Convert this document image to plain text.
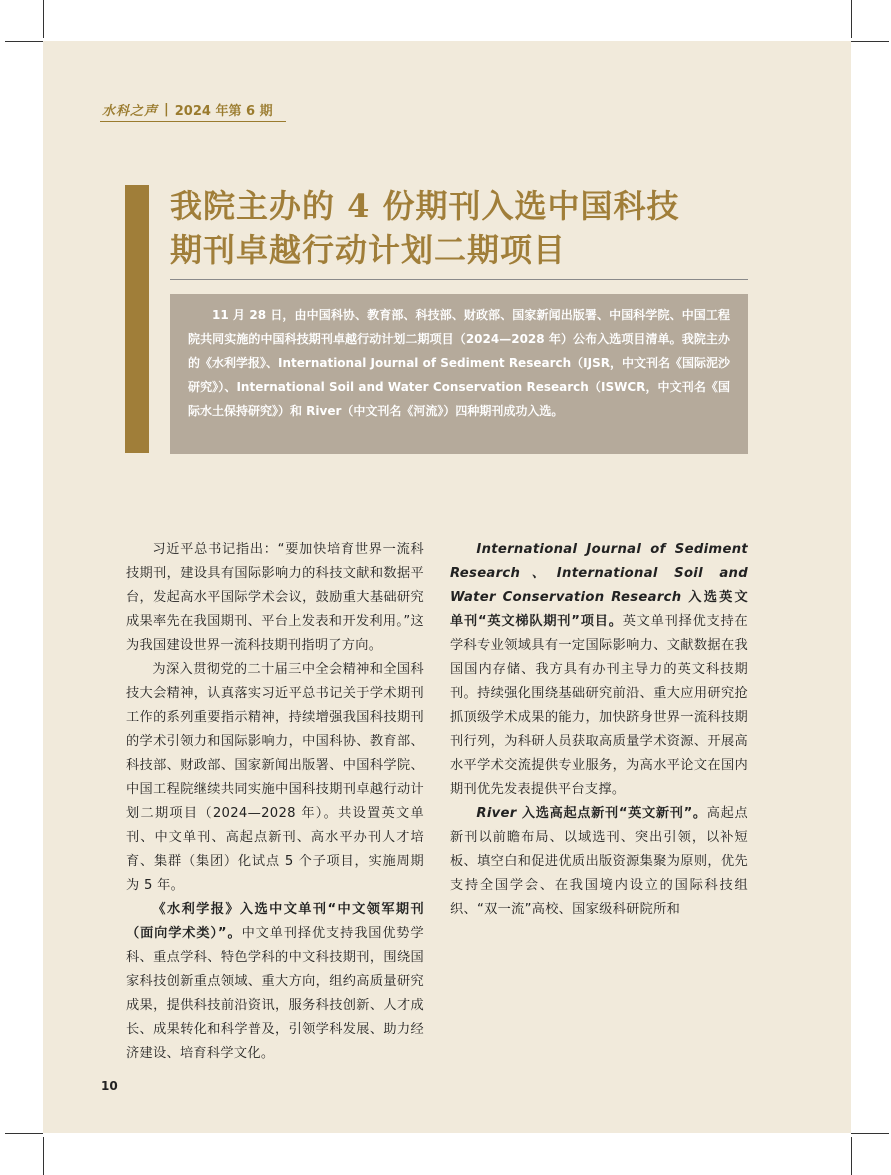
水科之声 | 2024 年第 6 期
我院主办的 4 份期刊入选中国科技
期刊卓越行动计划二期项目

11 月 28 日，由中国科协、教育部、科技部、财政部、国家新闻出版署、中国科学院、中国工程院共同实施的中国科技期刊卓越行动计划二期项目（2024—2028 年）公布入选项目清单。我院主办的《水利学报》、International Journal of Sediment Research（IJSR，中文刊名《国际泥沙研究》）、International Soil and Water Conservation Research（ISWCR，中文刊名《国际水土保持研究》）和 River（中文刊名《河流》）四种期刊成功入选。

习近平总书记指出：“要加快培育世界一流科技期刊，建设具有国际影响力的科技文献和数据平台，发起高水平国际学术会议，鼓励重大基础研究成果率先在我国期刊、平台上发表和开发利用。”这为我国建设世界一流科技期刊指明了方向。

为深入贯彻党的二十届三中全会精神和全国科技大会精神，认真落实习近平总书记关于学术期刊工作的系列重要指示精神，持续增强我国科技期刊的学术引领力和国际影响力，中国科协、教育部、科技部、财政部、国家新闻出版署、中国科学院、中国工程院继续共同实施中国科技期刊卓越行动计划二期项目（2024—2028 年）。共设置英文单刊、中文单刊、高起点新刊、高水平办刊人才培育、集群（集团）化试点 5 个子项目，实施周期为 5 年。

《水利学报》入选中文单刊“中文领军期刊（面向学术类）”。中文单刊择优支持我国优势学科、重点学科、特色学科的中文科技期刊，围绕国家科技创新重点领域、重大方向，组约高质量研究成果，提供科技前沿资讯，服务科技创新、人才成长、成果转化和科学普及，引领学科发展、助力经济建设、培育科学文化。

International Journal of Sediment Research、International Soil and Water Conservation Research 入选英文单刊“英文梯队期刊”项目。英文单刊择优支持在学科专业领域具有一定国际影响力、文献数据在我国国内存储、我方具有办刊主导力的英文科技期刊。持续强化围绕基础研究前沿、重大应用研究抢抓顶级学术成果的能力，加快跻身世界一流科技期刊行列，为科研人员获取高质量学术资源、开展高水平学术交流提供专业服务，为高水平论文在国内期刊优先发表提供平台支撑。

River 入选高起点新刊“英文新刊”。高起点新刊以前瞻布局、以域选刊、突出引领，以补短板、填空白和促进优质出版资源集聚为原则，优先支持全国学会、在我国境内设立的国际科技组织、“双一流”高校、国家级科研院所和

10
